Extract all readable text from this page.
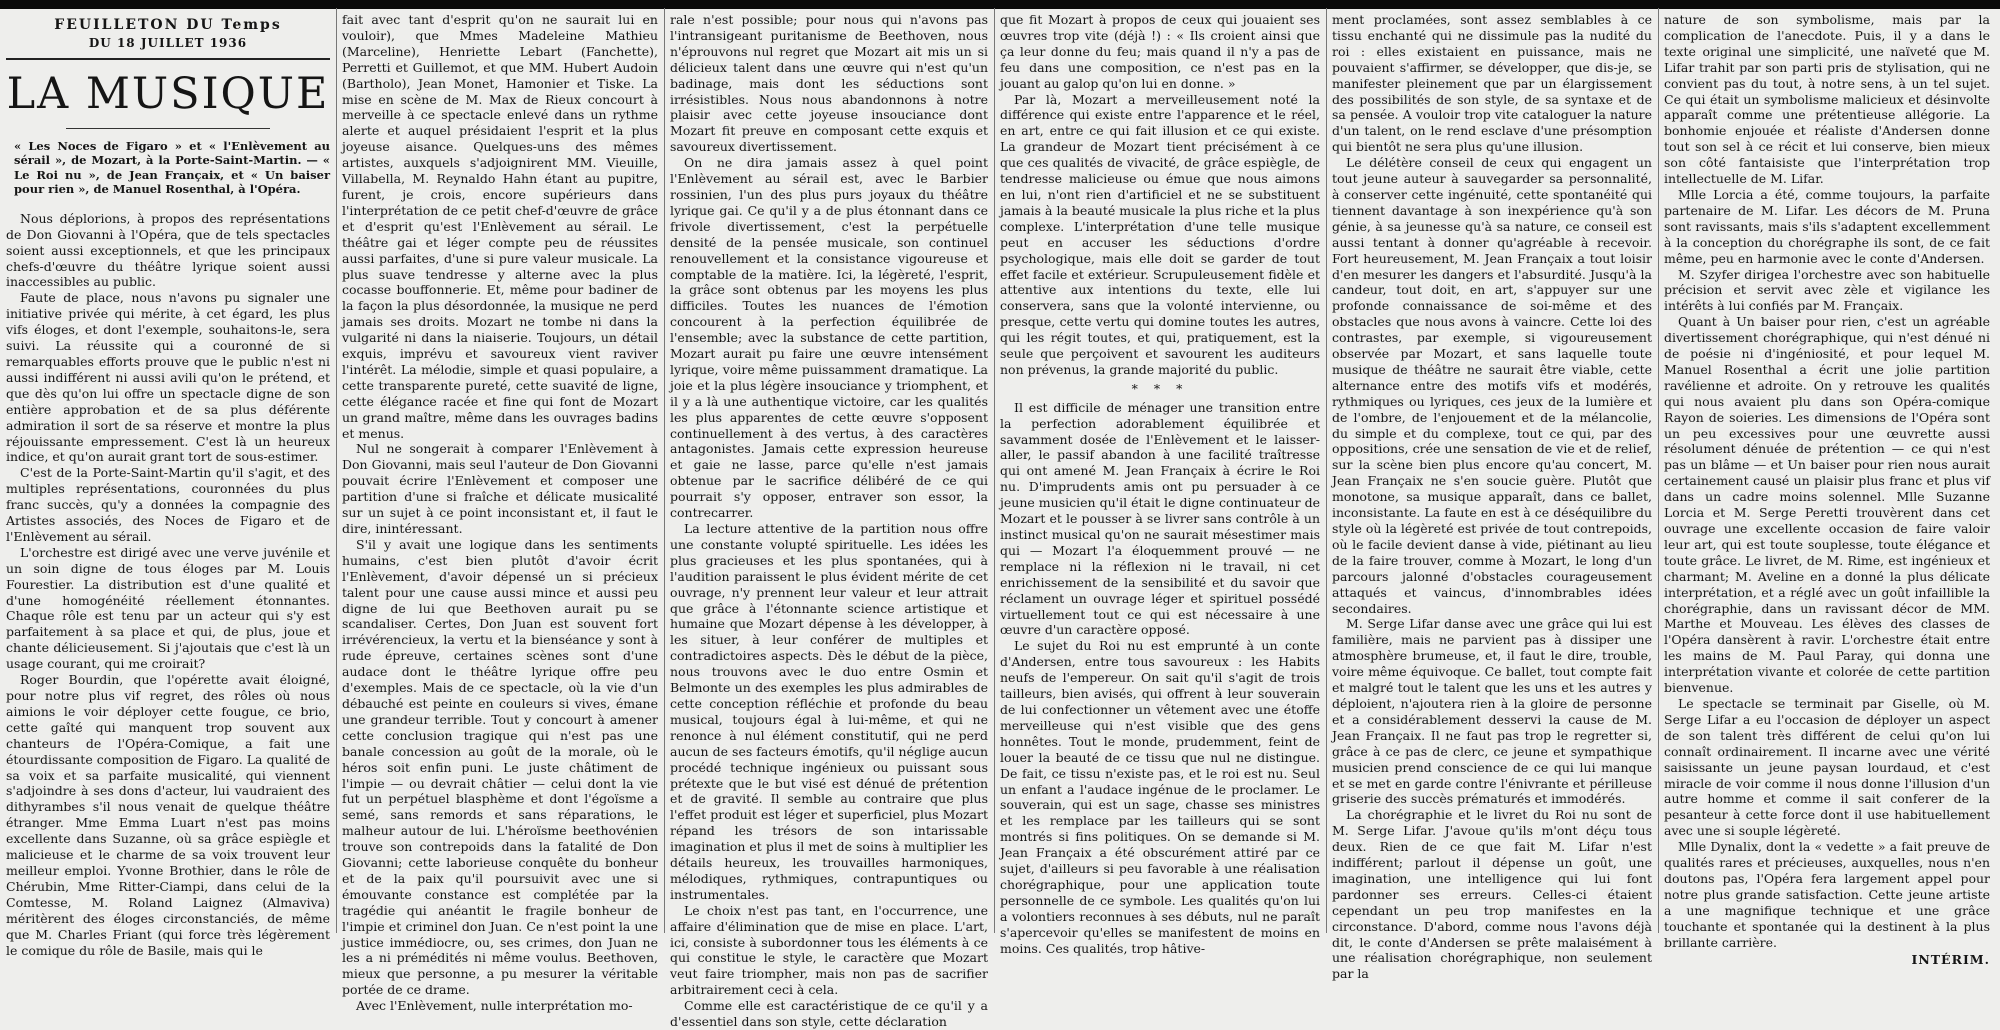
FEUILLETON DU Temps
DU 18 JUILLET 1936
LA MUSIQUE

« Les Noces de Figaro » et « l'Enlèvement au sérail », de Mozart, à la Porte-Saint-Martin. — « Le Roi nu », de Jean Françaix, et « Un baiser pour rien », de Manuel Rosenthal, à l'Opéra.

Nous déplorions, à propos des représentations de Don Giovanni à l'Opéra, que de tels spectacles soient aussi exceptionnels, et que les principaux chefs-d'œuvre du théâtre lyrique soient aussi inaccessibles au public.

Faute de place, nous n'avons pu signaler une initiative privée qui mérite, à cet égard, les plus vifs éloges, et dont l'exemple, souhaitons-le, sera suivi. La réussite qui a couronné de si remarquables efforts prouve que le public n'est ni aussi indifférent ni aussi avili qu'on le prétend, et que dès qu'on lui offre un spectacle digne de son entière approbation et de sa plus déférente admiration il sort de sa réserve et montre la plus réjouissante empressement. C'est là un heureux indice, et qu'on aurait grant tort de sous-estimer.

C'est de la Porte-Saint-Martin qu'il s'agit, et des multiples représentations, couronnées du plus franc succès, qu'y a données la compagnie des Artistes associés, des Noces de Figaro et de l'Enlèvement au sérail.

L'orchestre est dirigé avec une verve juvénile et un soin digne de tous éloges par M. Louis Fourestier. La distribution est d'une qualité et d'une homogénéité réellement étonnantes. Chaque rôle est tenu par un acteur qui s'y est parfaitement à sa place et qui, de plus, joue et chante délicieusement. Si j'ajoutais que c'est là un usage courant, qui me croirait?

Roger Bourdin, que l'opérette avait éloigné, pour notre plus vif regret, des rôles où nous aimions le voir déployer cette fougue, ce brio, cette gaîté qui manquent trop souvent aux chanteurs de l'Opéra-Comique, a fait une étourdissante composition de Figaro. La qualité de sa voix et sa parfaite musicalité, qui viennent s'adjoindre à ses dons d'acteur, lui vaudraient des dithyrambes s'il nous venait de quelque théâtre étranger. Mme Emma Luart n'est pas moins excellente dans Suzanne, où sa grâce espiègle et malicieuse et le charme de sa voix trouvent leur meilleur emploi. Yvonne Brothier, dans le rôle de Chérubin, Mme Ritter-Ciampi, dans celui de la Comtesse, M. Roland Laignez (Almaviva) méritèrent des éloges circonstanciés, de même que M. Charles Friant (qui force très légèrement le comique du rôle de Basile, mais qui le

fait avec tant d'esprit qu'on ne saurait lui en vouloir), que Mmes Madeleine Mathieu (Marceline), Henriette Lebart (Fanchette), Perretti et Guillemot, et que MM. Hubert Audoin (Bartholo), Jean Monet, Hamonier et Tiske. La mise en scène de M. Max de Rieux concourt à merveille à ce spectacle enlevé dans un rythme alerte et auquel présidaient l'esprit et la plus joyeuse aisance. Quelques-uns des mêmes artistes, auxquels s'adjoignirent MM. Vieuille, Villabella, M. Reynaldo Hahn étant au pupitre, furent, je crois, encore supérieurs dans l'interprétation de ce petit chef-d'œuvre de grâce et d'esprit qu'est l'Enlèvement au sérail. Le théâtre gai et léger compte peu de réussites aussi parfaites, d'une si pure valeur musicale. La plus suave tendresse y alterne avec la plus cocasse bouffonnerie. Et, même pour badiner de la façon la plus désordonnée, la musique ne perd jamais ses droits. Mozart ne tombe ni dans la vulgarité ni dans la niaiserie. Toujours, un détail exquis, imprévu et savoureux vient raviver l'intérêt. La mélodie, simple et quasi populaire, a cette transparente pureté, cette suavité de ligne, cette élégance racée et fine qui font de Mozart un grand maître, même dans les ouvrages badins et menus.

Nul ne songerait à comparer l'Enlèvement à Don Giovanni, mais seul l'auteur de Don Giovanni pouvait écrire l'Enlèvement et composer une partition d'une si fraîche et délicate musicalité sur un sujet à ce point inconsistant et, il faut le dire, inintéressant.

S'il y avait une logique dans les sentiments humains, c'est bien plutôt d'avoir écrit l'Enlèvement, d'avoir dépensé un si précieux talent pour une cause aussi mince et aussi peu digne de lui que Beethoven aurait pu se scandaliser. Certes, Don Juan est souvent fort irrévérencieux, la vertu et la bienséance y sont à rude épreuve, certaines scènes sont d'une audace dont le théâtre lyrique offre peu d'exemples. Mais de ce spectacle, où la vie d'un débauché est peinte en couleurs si vives, émane une grandeur terrible. Tout y concourt à amener cette conclusion tragique qui n'est pas une banale concession au goût de la morale, où le héros soit enfin puni. Le juste châtiment de l'impie — ou devrait châtier — celui dont la vie fut un perpétuel blasphème et dont l'égoïsme a semé, sans remords et sans réparations, le malheur autour de lui. L'héroïsme beethovénien trouve son contrepoids dans la fatalité de Don Giovanni; cette laborieuse conquête du bonheur et de la paix qu'il poursuivit avec une si émouvante constance est complétée par la tragédie qui anéantit le fragile bonheur de l'impie et criminel don Juan. Ce n'est point la une justice immédiocre, ou, ses crimes, don Juan ne les a ni prémédités ni même voulus. Beethoven, mieux que personne, a pu mesurer la véritable portée de ce drame.

Avec l'Enlèvement, nulle interprétation mo-

rale n'est possible; pour nous qui n'avons pas l'intransigeant puritanisme de Beethoven, nous n'éprouvons nul regret que Mozart ait mis un si délicieux talent dans une œuvre qui n'est qu'un badinage, mais dont les séductions sont irrésistibles. Nous nous abandonnons à notre plaisir avec cette joyeuse insouciance dont Mozart fit preuve en composant cette exquis et savoureux divertissement.

On ne dira jamais assez à quel point l'Enlèvement au sérail est, avec le Barbier rossinien, l'un des plus purs joyaux du théâtre lyrique gai. Ce qu'il y a de plus étonnant dans ce frivole divertissement, c'est la perpétuelle densité de la pensée musicale, son continuel renouvellement et la consistance vigoureuse et comptable de la matière. Ici, la légèreté, l'esprit, la grâce sont obtenus par les moyens les plus difficiles. Toutes les nuances de l'émotion concourent à la perfection équilibrée de l'ensemble; avec la substance de cette partition, Mozart aurait pu faire une œuvre intensément lyrique, voire même puissamment dramatique. La joie et la plus légère insouciance y triomphent, et il y a là une authentique victoire, car les qualités les plus apparentes de cette œuvre s'opposent continuellement à des vertus, à des caractères antagonistes. Jamais cette expression heureuse et gaie ne lasse, parce qu'elle n'est jamais obtenue par le sacrifice délibéré de ce qui pourrait s'y opposer, entraver son essor, la contrecarrer.

La lecture attentive de la partition nous offre une constante volupté spirituelle. Les idées les plus gracieuses et les plus spontanées, qui à l'audition paraissent le plus évident mérite de cet ouvrage, n'y prennent leur valeur et leur attrait que grâce à l'étonnante science artistique et humaine que Mozart dépense à les développer, à les situer, à leur conférer de multiples et contradictoires aspects. Dès le début de la pièce, nous trouvons avec le duo entre Osmin et Belmonte un des exemples les plus admirables de cette conception réfléchie et profonde du beau musical, toujours égal à lui-même, et qui ne renonce à nul élément constitutif, qui ne perd aucun de ses facteurs émotifs, qu'il néglige aucun procédé technique ingénieux ou puissant sous prétexte que le but visé est dénué de prétention et de gravité. Il semble au contraire que plus l'effet produit est léger et superficiel, plus Mozart répand les trésors de son intarissable imagination et plus il met de soins à multiplier les détails heureux, les trouvailles harmoniques, mélodiques, rythmiques, contrapuntiques ou instrumentales.

Le choix n'est pas tant, en l'occurrence, une affaire d'élimination que de mise en place. L'art, ici, consiste à subordonner tous les éléments à ce qui constitue le style, le caractère que Mozart veut faire triompher, mais non pas de sacrifier arbitrairement ceci à cela.

Comme elle est caractéristique de ce qu'il y a d'essentiel dans son style, cette déclaration

que fit Mozart à propos de ceux qui jouaient ses œuvres trop vite (déjà !) : « Ils croient ainsi que ça leur donne du feu; mais quand il n'y a pas de feu dans une composition, ce n'est pas en la jouant au galop qu'on lui en donne. »

Par là, Mozart a merveilleusement noté la différence qui existe entre l'apparence et le réel, en art, entre ce qui fait illusion et ce qui existe. La grandeur de Mozart tient précisément à ce que ces qualités de vivacité, de grâce espiègle, de tendresse malicieuse ou émue que nous aimons en lui, n'ont rien d'artificiel et ne se substituent jamais à la beauté musicale la plus riche et la plus complexe. L'interprétation d'une telle musique peut en accuser les séductions d'ordre psychologique, mais elle doit se garder de tout effet facile et extérieur. Scrupuleusement fidèle et attentive aux intentions du texte, elle lui conservera, sans que la volonté intervienne, ou presque, cette vertu qui domine toutes les autres, qui les régit toutes, et qui, pratiquement, est la seule que perçoivent et savourent les auditeurs non prévenus, la grande majorité du public.

* * *

Il est difficile de ménager une transition entre la perfection adorablement équilibrée et savamment dosée de l'Enlèvement et le laisser-aller, le passif abandon à une facilité traîtresse qui ont amené M. Jean Françaix à écrire le Roi nu. D'imprudents amis ont pu persuader à ce jeune musicien qu'il était le digne continuateur de Mozart et le pousser à se livrer sans contrôle à un instinct musical qu'on ne saurait mésestimer mais qui — Mozart l'a éloquemment prouvé — ne remplace ni la réflexion ni le travail, ni cet enrichissement de la sensibilité et du savoir que réclament un ouvrage léger et spirituel possédé virtuellement tout ce qui est nécessaire à une œuvre d'un caractère opposé.

Le sujet du Roi nu est emprunté à un conte d'Andersen, entre tous savoureux : les Habits neufs de l'empereur. On sait qu'il s'agit de trois tailleurs, bien avisés, qui offrent à leur souverain de lui confectionner un vêtement avec une étoffe merveilleuse qui n'est visible que des gens honnêtes. Tout le monde, prudemment, feint de louer la beauté de ce tissu que nul ne distingue. De fait, ce tissu n'existe pas, et le roi est nu. Seul un enfant a l'audace ingénue de le proclamer. Le souverain, qui est un sage, chasse ses ministres et les remplace par les tailleurs qui se sont montrés si fins politiques. On se demande si M. Jean Françaix a été obscurément attiré par ce sujet, d'ailleurs si peu favorable à une réalisation chorégraphique, pour une application toute personnelle de ce symbole. Les qualités qu'on lui a volontiers reconnues à ses débuts, nul ne paraît s'apercevoir qu'elles se manifestent de moins en moins. Ces qualités, trop hâtive-

ment proclamées, sont assez semblables à ce tissu enchanté qui ne dissimule pas la nudité du roi : elles existaient en puissance, mais ne pouvaient s'affirmer, se développer, que dis-je, se manifester pleinement que par un élargissement des possibilités de son style, de sa syntaxe et de sa pensée. A vouloir trop vite cataloguer la nature d'un talent, on le rend esclave d'une présomption qui bientôt ne sera plus qu'une illusion.

Le délétère conseil de ceux qui engagent un tout jeune auteur à sauvegarder sa personnalité, à conserver cette ingénuité, cette spontanéité qui tiennent davantage à son inexpérience qu'à son génie, à sa jeunesse qu'à sa nature, ce conseil est aussi tentant à donner qu'agréable à recevoir. Fort heureusement, M. Jean Françaix a tout loisir d'en mesurer les dangers et l'absurdité. Jusqu'à la candeur, tout doit, en art, s'appuyer sur une profonde connaissance de soi-même et des obstacles que nous avons à vaincre. Cette loi des contrastes, par exemple, si vigoureusement observée par Mozart, et sans laquelle toute musique de théâtre ne saurait être viable, cette alternance entre des motifs vifs et modérés, rythmiques ou lyriques, ces jeux de la lumière et de l'ombre, de l'enjouement et de la mélancolie, du simple et du complexe, tout ce qui, par des oppositions, crée une sensation de vie et de relief, sur la scène bien plus encore qu'au concert, M. Jean Françaix ne s'en soucie guère. Plutôt que monotone, sa musique apparaît, dans ce ballet, inconsistante. La faute en est à ce déséquilibre du style où la légèreté est privée de tout contrepoids, où le facile devient danse à vide, piétinant au lieu de la faire trouver, comme à Mozart, le long d'un parcours jalonné d'obstacles courageusement attaqués et vaincus, d'innombrables idées secondaires.

M. Serge Lifar danse avec une grâce qui lui est familière, mais ne parvient pas à dissiper une atmosphère brumeuse, et, il faut le dire, trouble, voire même équivoque. Ce ballet, tout compte fait et malgré tout le talent que les uns et les autres y déploient, n'ajoutera rien à la gloire de personne et a considérablement desservi la cause de M. Jean Françaix. Il ne faut pas trop le regretter si, grâce à ce pas de clerc, ce jeune et sympathique musicien prend conscience de ce qui lui manque et se met en garde contre l'énivrante et périlleuse griserie des succès prématurés et immodérés.

La chorégraphie et le livret du Roi nu sont de M. Serge Lifar. J'avoue qu'ils m'ont déçu tous deux. Rien de ce que fait M. Lifar n'est indifférent; parlout il dépense un goût, une imagination, une intelligence qui lui font pardonner ses erreurs. Celles-ci étaient cependant un peu trop manifestes en la circonstance. D'abord, comme nous l'avons déjà dit, le conte d'Andersen se prête malaisément à une réalisation chorégraphique, non seulement par la

nature de son symbolisme, mais par la complication de l'anecdote. Puis, il y a dans le texte original une simplicité, une naïveté que M. Lifar trahit par son parti pris de stylisation, qui ne convient pas du tout, à notre sens, à un tel sujet. Ce qui était un symbolisme malicieux et désinvolte apparaît comme une prétentieuse allégorie. La bonhomie enjouée et réaliste d'Andersen donne tout son sel à ce récit et lui conserve, bien mieux son côté fantaisiste que l'interprétation trop intellectuelle de M. Lifar.

Mlle Lorcia a été, comme toujours, la parfaite partenaire de M. Lifar. Les décors de M. Pruna sont ravissants, mais s'ils s'adaptent excellemment à la conception du chorégraphe ils sont, de ce fait même, peu en harmonie avec le conte d'Andersen.

M. Szyfer dirigea l'orchestre avec son habituelle précision et servit avec zèle et vigilance les intérêts à lui confiés par M. Françaix.

Quant à Un baiser pour rien, c'est un agréable divertissement chorégraphique, qui n'est dénué ni de poésie ni d'ingéniosité, et pour lequel M. Manuel Rosenthal a écrit une jolie partition ravélienne et adroite. On y retrouve les qualités qui nous avaient plu dans son Opéra-comique Rayon de soieries. Les dimensions de l'Opéra sont un peu excessives pour une œuvrette aussi résolument dénuée de prétention — ce qui n'est pas un blâme — et Un baiser pour rien nous aurait certainement causé un plaisir plus franc et plus vif dans un cadre moins solennel. Mlle Suzanne Lorcia et M. Serge Peretti trouvèrent dans cet ouvrage une excellente occasion de faire valoir leur art, qui est toute souplesse, toute élégance et toute grâce. Le livret, de M. Rime, est ingénieux et charmant; M. Aveline en a donné la plus délicate interprétation, et a réglé avec un goût infaillible la chorégraphie, dans un ravissant décor de MM. Marthe et Mouveau. Les élèves des classes de l'Opéra dansèrent à ravir. L'orchestre était entre les mains de M. Paul Paray, qui donna une interprétation vivante et colorée de cette partition bienvenue.

Le spectacle se terminait par Giselle, où M. Serge Lifar a eu l'occasion de déployer un aspect de son talent très différent de celui qu'on lui connaît ordinairement. Il incarne avec une vérité saisissante un jeune paysan lourdaud, et c'est miracle de voir comme il nous donne l'illusion d'un autre homme et comme il sait conferer de la pesanteur à cette force dont il use habituellement avec une si souple légèreté.

Mlle Dynalix, dont la « vedette » a fait preuve de qualités rares et précieuses, auxquelles, nous n'en doutons pas, l'Opéra fera largement appel pour notre plus grande satisfaction. Cette jeune artiste a une magnifique technique et une grâce touchante et spontanée qui la destinent à la plus brillante carrière.

INTÉRIM.
